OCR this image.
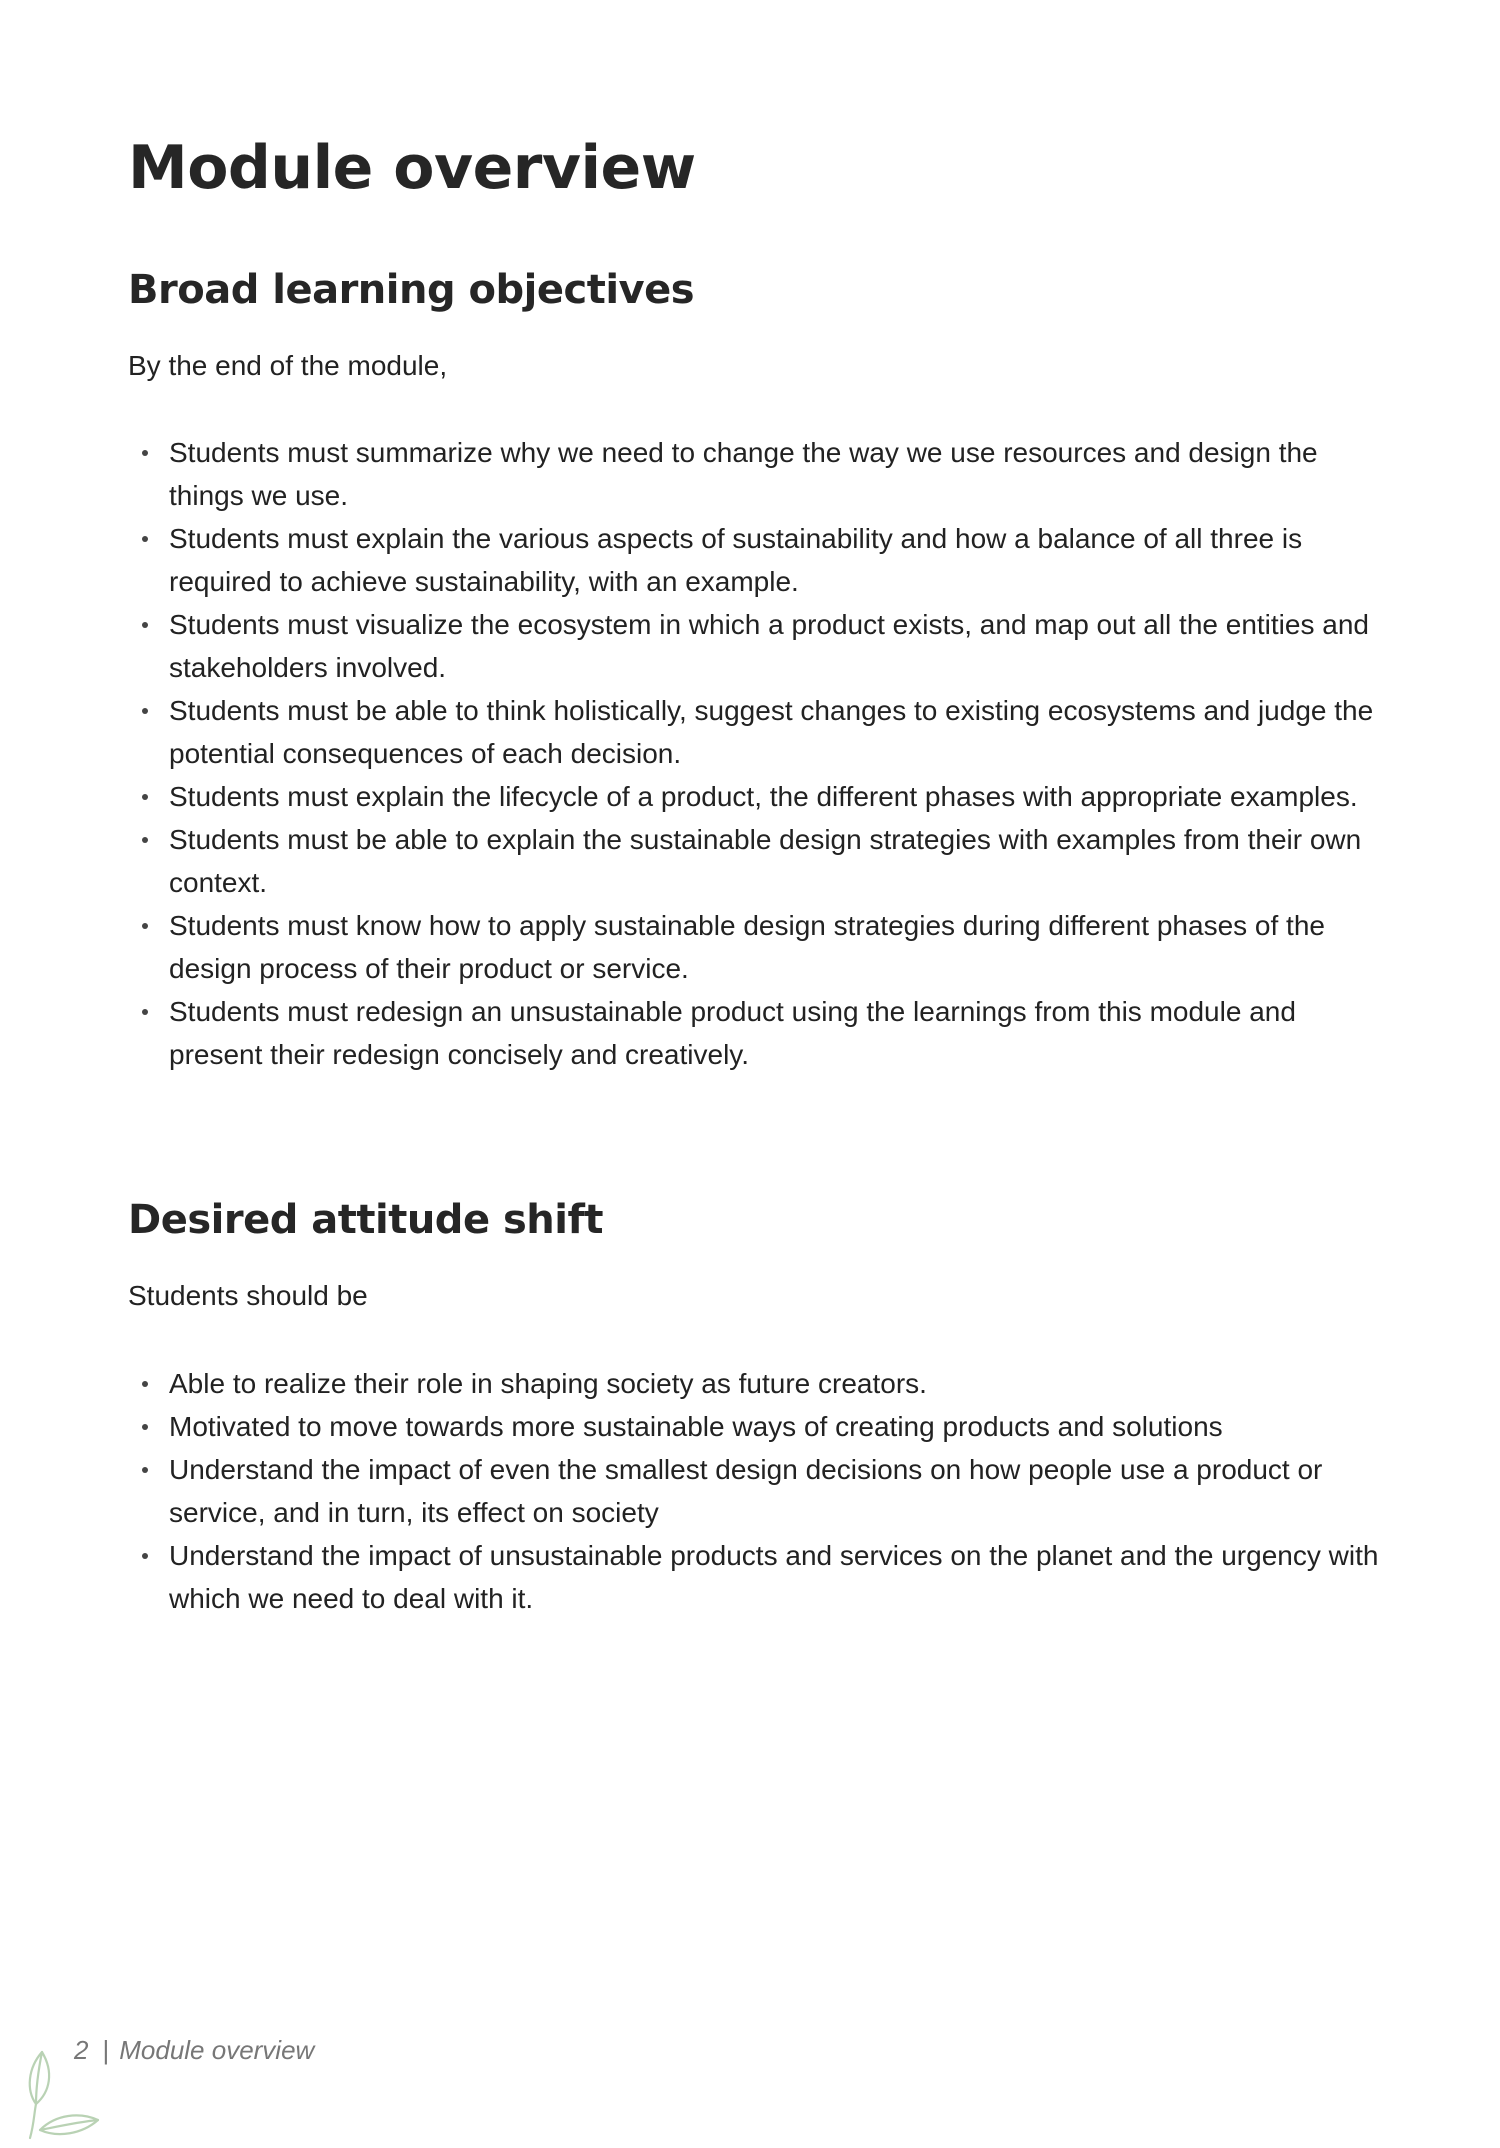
Module overview
Broad learning objectives

By the end of the module,

Students must summarize why we need to change the way we use resources and design the things we use.
Students must explain the various aspects of sustainability and how a balance of all three is required to achieve sustainability, with an example.
Students must visualize the ecosystem in which a product exists, and map out all the entities and stakeholders involved.
Students must be able to think holistically, suggest changes to existing ecosystems and judge the potential consequences of each decision.
Students must explain the lifecycle of a product, the different phases with appropriate examples.
Students must be able to explain the sustainable design strategies with examples from their own context.
Students must know how to apply sustainable design strategies during different phases of the design process of their product or service.
Students must redesign an unsustainable product using the learnings from this module and present their redesign concisely and creatively.
Desired attitude shift

Students should be

Able to realize their role in shaping society as future creators.
Motivated to move towards more sustainable ways of creating products and solutions
Understand the impact of even the smallest design decisions on how people use a product or service, and in turn, its effect on society
Understand the impact of unsustainable products and services on the planet and the urgency with which we need to deal with it.
2 | Module overview
